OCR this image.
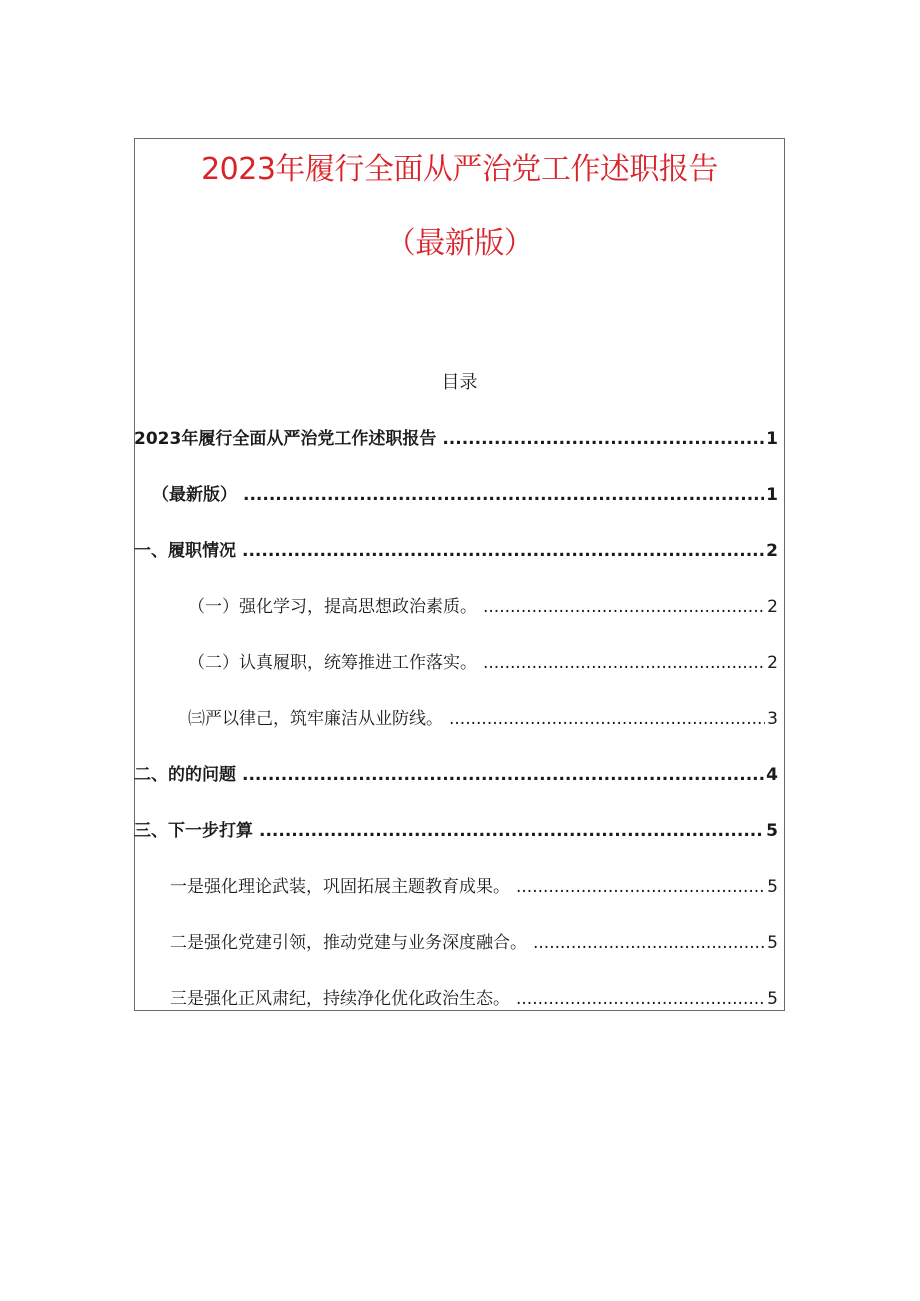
2023年履行全面从严治党工作述职报告
（最新版）
目录
2023年履行全面从严治党工作述职报告 .....	1
（最新版） .....	1
一、履职情况 .....	2
（一）强化学习，提高思想政治素质。 .....	2
（二）认真履职，统筹推进工作落实。 .....	2
㈢严以律己，筑牢廉洁从业防线。 .....	3
二、的的问题 .....	4
三、下一步打算 .....	5
一是强化理论武装，巩固拓展主题教育成果。 .....	5
二是强化党建引领，推动党建与业务深度融合。 .....	5
三是强化正风肃纪，持续净化优化政治生态。 .....	5
